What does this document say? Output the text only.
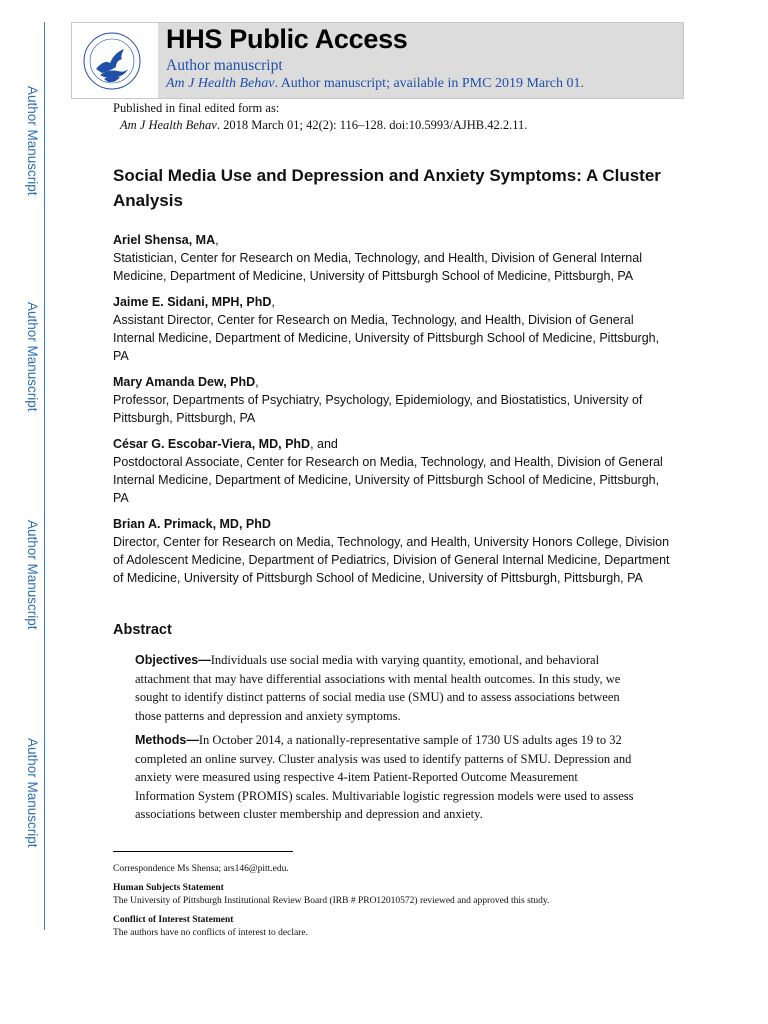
Author Manuscript
Author Manuscript
Author Manuscript
Author Manuscript
HHS Public Access
Author manuscript
Am J Health Behav. Author manuscript; available in PMC 2019 March 01.
Published in final edited form as:
Am J Health Behav. 2018 March 01; 42(2): 116–128. doi:10.5993/AJHB.42.2.11.
Social Media Use and Depression and Anxiety Symptoms: A Cluster Analysis
Ariel Shensa, MA,
Statistician, Center for Research on Media, Technology, and Health, Division of General Internal Medicine, Department of Medicine, University of Pittsburgh School of Medicine, Pittsburgh, PA
Jaime E. Sidani, MPH, PhD,
Assistant Director, Center for Research on Media, Technology, and Health, Division of General Internal Medicine, Department of Medicine, University of Pittsburgh School of Medicine, Pittsburgh, PA
Mary Amanda Dew, PhD,
Professor, Departments of Psychiatry, Psychology, Epidemiology, and Biostatistics, University of Pittsburgh, Pittsburgh, PA
César G. Escobar-Viera, MD, PhD, and
Postdoctoral Associate, Center for Research on Media, Technology, and Health, Division of General Internal Medicine, Department of Medicine, University of Pittsburgh School of Medicine, Pittsburgh, PA
Brian A. Primack, MD, PhD
Director, Center for Research on Media, Technology, and Health, University Honors College, Division of Adolescent Medicine, Department of Pediatrics, Division of General Internal Medicine, Department of Medicine, University of Pittsburgh School of Medicine, University of Pittsburgh, Pittsburgh, PA
Abstract
Objectives—Individuals use social media with varying quantity, emotional, and behavioral attachment that may have differential associations with mental health outcomes. In this study, we sought to identify distinct patterns of social media use (SMU) and to assess associations between those patterns and depression and anxiety symptoms.
Methods—In October 2014, a nationally-representative sample of 1730 US adults ages 19 to 32 completed an online survey. Cluster analysis was used to identify patterns of SMU. Depression and anxiety were measured using respective 4-item Patient-Reported Outcome Measurement Information System (PROMIS) scales. Multivariable logistic regression models were used to assess associations between cluster membership and depression and anxiety.
Correspondence Ms Shensa; ars146@pitt.edu.
Human Subjects Statement
The University of Pittsburgh Institutional Review Board (IRB # PRO12010572) reviewed and approved this study.
Conflict of Interest Statement
The authors have no conflicts of interest to declare.
